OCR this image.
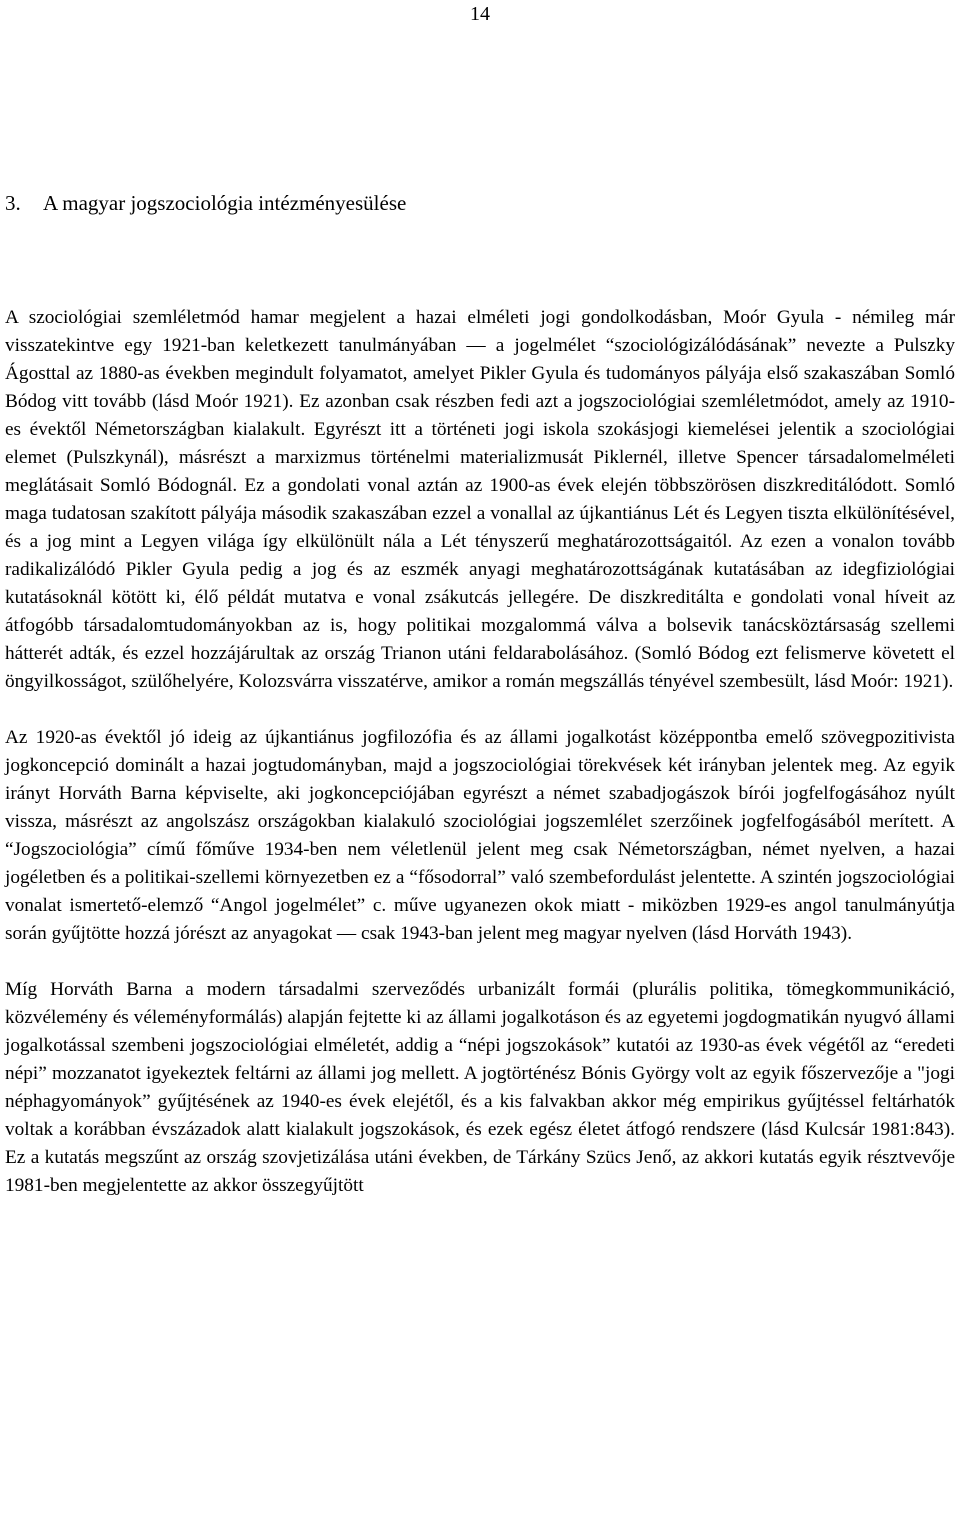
14
3. A magyar jogszociológia intézményesülése

A szociológiai szemléletmód hamar megjelent a hazai elméleti jogi gondolkodásban, Moór Gyula - némileg már visszatekintve egy 1921-ban keletkezett tanulmányában — a jogelmélet “szociológizálódásának” nevezte a Pulszky Ágosttal az 1880-as években megindult folyamatot, amelyet Pikler Gyula és tudományos pályája első szakaszában Somló Bódog vitt tovább (lásd Moór 1921). Ez azonban csak részben fedi azt a jogszociológiai szemléletmódot, amely az 1910-es évektől Németországban kialakult. Egyrészt itt a történeti jogi iskola szokásjogi kiemelései jelentik a szociológiai elemet (Pulszkynál), másrészt a marxizmus történelmi materializmusát Piklernél, illetve Spencer társadalomelméleti meglátásait Somló Bódognál. Ez a gondolati vonal aztán az 1900-as évek elején többszörösen diszkreditálódott. Somló maga tudatosan szakított pályája második szakaszában ezzel a vonallal az újkantiánus Lét és Legyen tiszta elkülönítésével, és a jog mint a Legyen világa így elkülönült nála a Lét tényszerű meghatározottságaitól. Az ezen a vonalon tovább radikalizálódó Pikler Gyula pedig a jog és az eszmék anyagi meghatározottságának kutatásában az idegfiziológiai kutatásoknál kötött ki, élő példát mutatva e vonal zsákutcás jellegére. De diszkreditálta e gondolati vonal híveit az átfogóbb társadalomtudományokban az is, hogy politikai mozgalommá válva a bolsevik tanácsköztársaság szellemi hátterét adták, és ezzel hozzájárultak az ország Trianon utáni feldarabolásához. (Somló Bódog ezt felismerve követett el öngyilkosságot, szülőhelyére, Kolozsvárra visszatérve, amikor a román megszállás tényével szembesült, lásd Moór: 1921).

Az 1920-as évektől jó ideig az újkantiánus jogfilozófia és az állami jogalkotást középpontba emelő szövegpozitivista jogkoncepció dominált a hazai jogtudományban, majd a jogszociológiai törekvések két irányban jelentek meg. Az egyik irányt Horváth Barna képviselte, aki jogkoncepciójában egyrészt a német szabadjogászok bírói jogfelfogásához nyúlt vissza, másrészt az angolszász országokban kialakuló szociológiai jogszemlélet szerzőinek jogfelfogásából merített. A “Jogszociológia” című főműve 1934-ben nem véletlenül jelent meg csak Németországban, német nyelven, a hazai jogéletben és a politikai-szellemi környezetben ez a “fősodorral” való szembefordulást jelentette. A szintén jogszociológiai vonalat ismertető-elemző “Angol jogelmélet” c. műve ugyanezen okok miatt - miközben 1929-es angol tanulmányútja során gyűjtötte hozzá jórészt az anyagokat — csak 1943-ban jelent meg magyar nyelven (lásd Horváth 1943).

Míg Horváth Barna a modern társadalmi szerveződés urbanizált formái (plurális politika, tömegkommunikáció, közvélemény és véleményformálás) alapján fejtette ki az állami jogalkotáson és az egyetemi jogdogmatikán nyugvó állami jogalkotással szembeni jogszociológiai elméletét, addig a “népi jogszokások” kutatói az 1930-as évek végétől az “eredeti népi” mozzanatot igyekeztek feltárni az állami jog mellett. A jogtörténész Bónis György volt az egyik főszervezője a "jogi néphagyományok” gyűjtésének az 1940-es évek elejétől, és a kis falvakban akkor még empirikus gyűjtéssel feltárhatók voltak a korábban évszázadok alatt kialakult jogszokások, és ezek egész életet átfogó rendszere (lásd Kulcsár 1981:843). Ez a kutatás megszűnt az ország szovjetizálása utáni években, de Tárkány Szücs Jenő, az akkori kutatás egyik résztvevője 1981-ben megjelentette az akkor összegyűjtött
